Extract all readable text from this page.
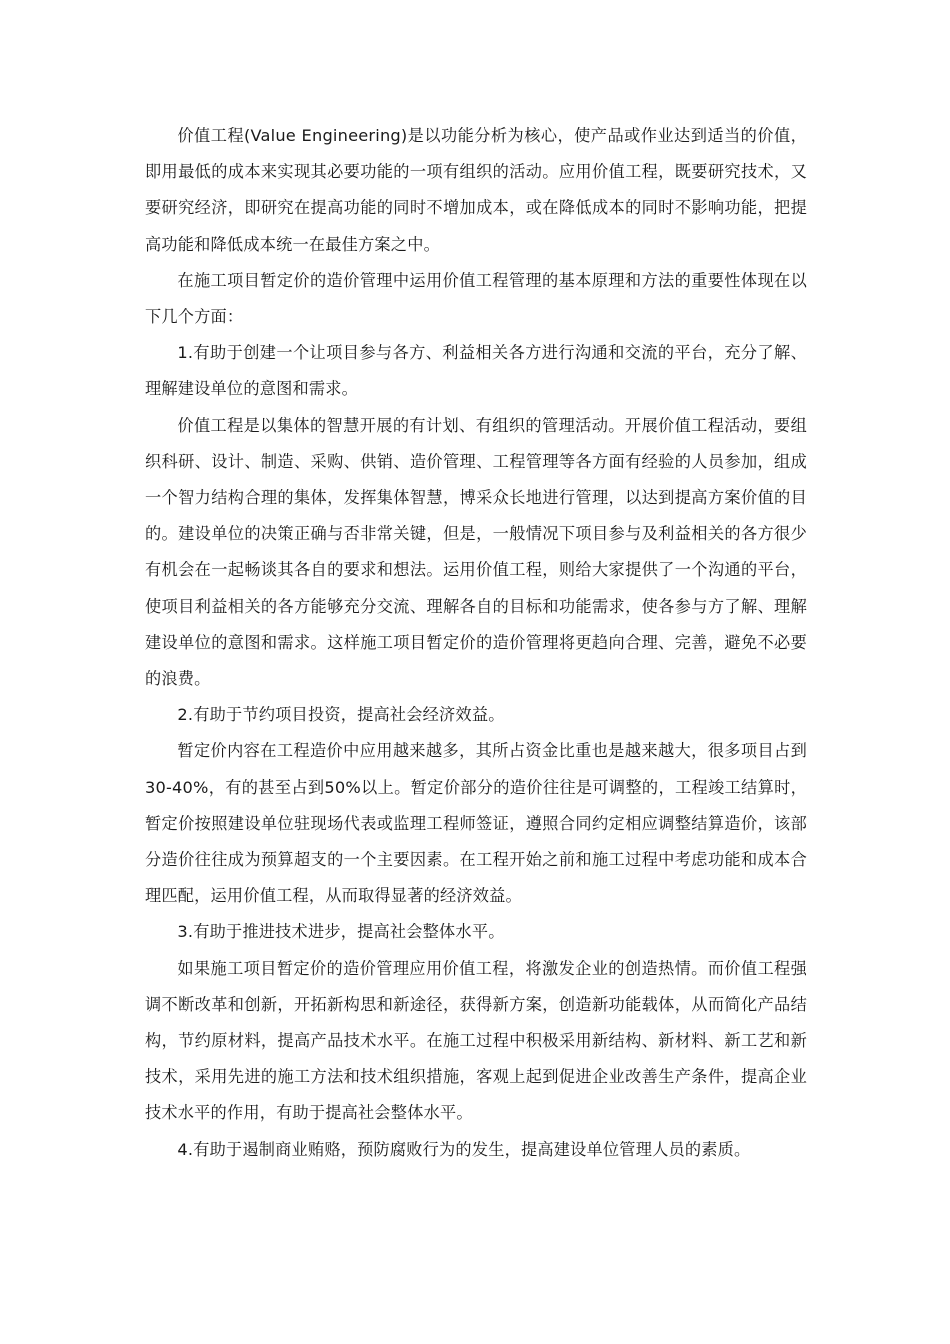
价值工程(Value Engineering)是以功能分析为核心，使产品或作业达到适当的价值，即用最低的成本来实现其必要功能的一项有组织的活动。应用价值工程，既要研究技术，又要研究经济，即研究在提高功能的同时不增加成本，或在降低成本的同时不影响功能，把提高功能和降低成本统一在最佳方案之中。

在施工项目暂定价的造价管理中运用价值工程管理的基本原理和方法的重要性体现在以下几个方面：

1.有助于创建一个让项目参与各方、利益相关各方进行沟通和交流的平台，充分了解、理解建设单位的意图和需求。

价值工程是以集体的智慧开展的有计划、有组织的管理活动。开展价值工程活动，要组织科研、设计、制造、采购、供销、造价管理、工程管理等各方面有经验的人员参加，组成一个智力结构合理的集体，发挥集体智慧，博采众长地进行管理，以达到提高方案价值的目的。建设单位的决策正确与否非常关键，但是，一般情况下项目参与及利益相关的各方很少有机会在一起畅谈其各自的要求和想法。运用价值工程，则给大家提供了一个沟通的平台，使项目利益相关的各方能够充分交流、理解各自的目标和功能需求，使各参与方了解、理解建设单位的意图和需求。这样施工项目暂定价的造价管理将更趋向合理、完善，避免不必要的浪费。

2.有助于节约项目投资，提高社会经济效益。

暂定价内容在工程造价中应用越来越多，其所占资金比重也是越来越大，很多项目占到30-40%，有的甚至占到50%以上。暂定价部分的造价往往是可调整的，工程竣工结算时，暂定价按照建设单位驻现场代表或监理工程师签证，遵照合同约定相应调整结算造价，该部分造价往往成为预算超支的一个主要因素。在工程开始之前和施工过程中考虑功能和成本合理匹配，运用价值工程，从而取得显著的经济效益。

3.有助于推进技术进步，提高社会整体水平。

如果施工项目暂定价的造价管理应用价值工程，将激发企业的创造热情。而价值工程强调不断改革和创新，开拓新构思和新途径，获得新方案，创造新功能载体，从而简化产品结构，节约原材料，提高产品技术水平。在施工过程中积极采用新结构、新材料、新工艺和新技术，采用先进的施工方法和技术组织措施，客观上起到促进企业改善生产条件，提高企业技术水平的作用，有助于提高社会整体水平。

4.有助于遏制商业贿赂，预防腐败行为的发生，提高建设单位管理人员的素质。
